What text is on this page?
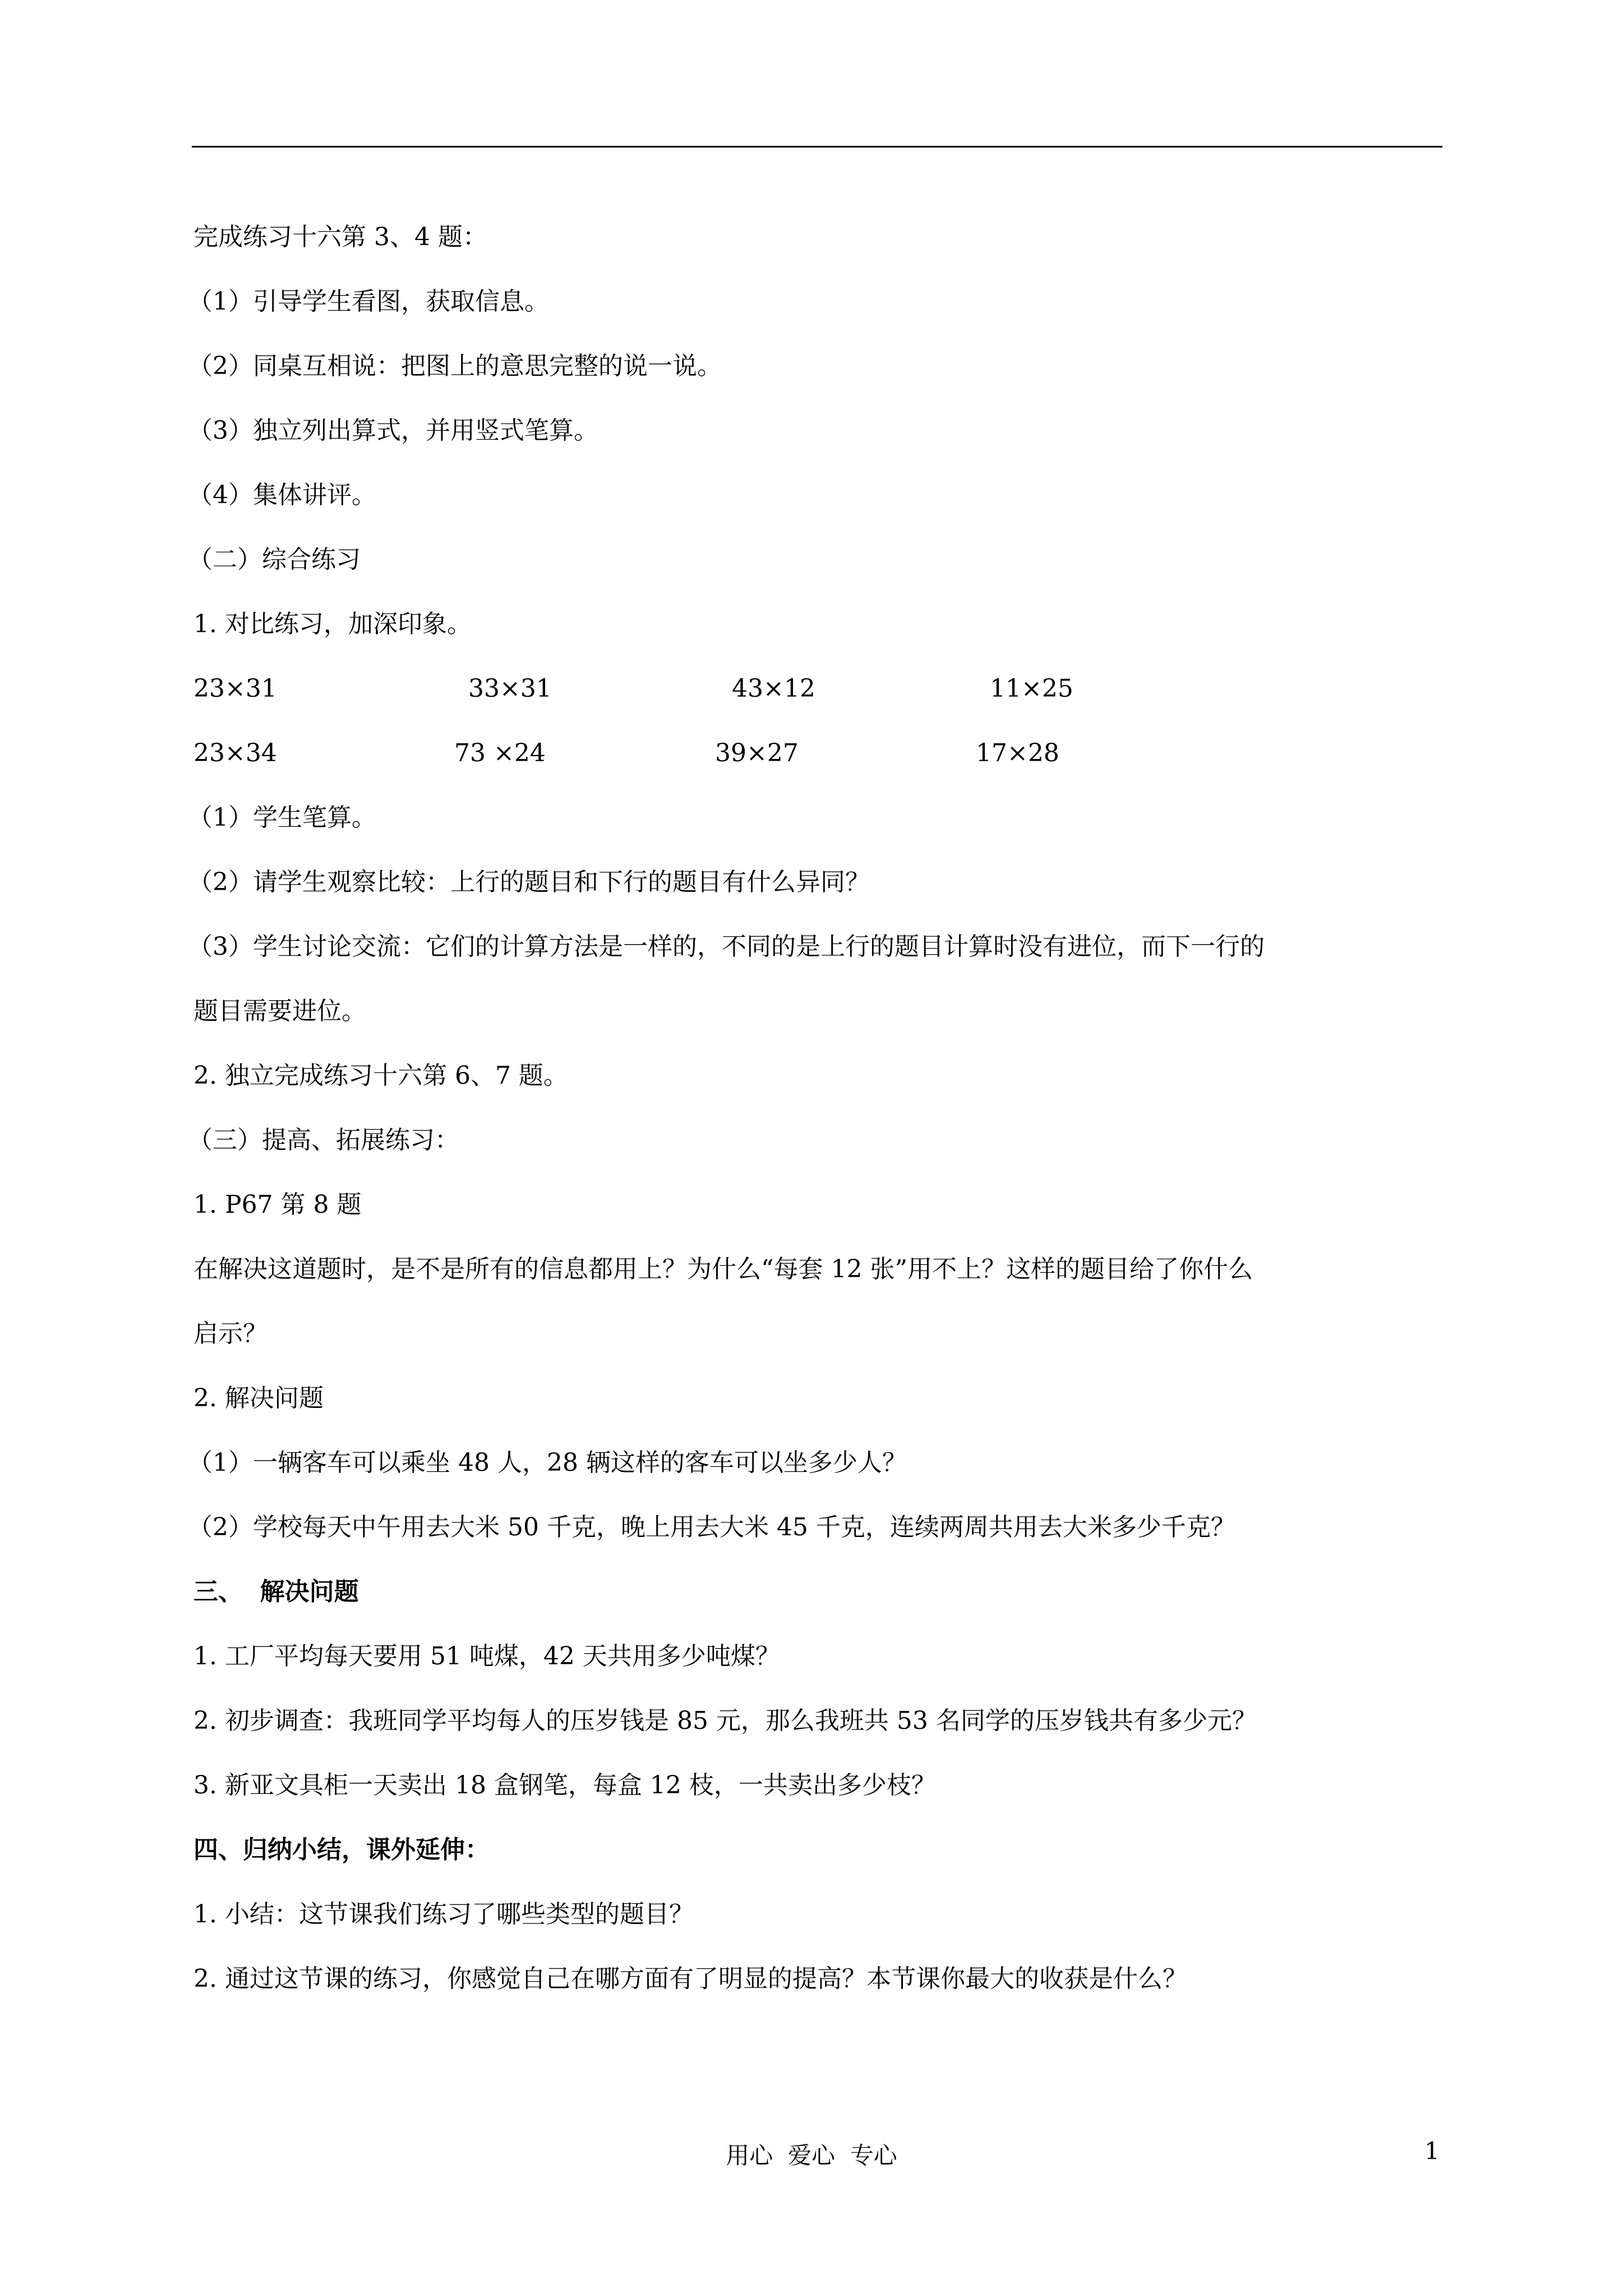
完成练习十六第 3、4 题：
（1）引导学生看图，获取信息。
（2）同桌互相说：把图上的意思完整的说一说。
（3）独立列出算式，并用竖式笔算。
（4）集体讲评。
（二）综合练习
1. 对比练习，加深印象。
23×31	33×31	43×12	11×25
23×34	73 ×24	39×27	17×28
（1）学生笔算。
（2）请学生观察比较：上行的题目和下行的题目有什么异同？
（3）学生讨论交流：它们的计算方法是一样的，不同的是上行的题目计算时没有进位，而下一行的
题目需要进位。
2. 独立完成练习十六第 6、7 题。
（三）提高、拓展练习：
1. P67 第 8 题
在解决这道题时，是不是所有的信息都用上？为什么“每套 12 张”用不上？这样的题目给了你什么
启示？
2. 解决问题
（1）一辆客车可以乘坐 48 人，28 辆这样的客车可以坐多少人？
（2）学校每天中午用去大米 50 千克，晚上用去大米 45 千克，连续两周共用去大米多少千克？
三、  解决问题
1. 工厂平均每天要用 51 吨煤，42 天共用多少吨煤？
2. 初步调查：我班同学平均每人的压岁钱是 85 元，那么我班共 53 名同学的压岁钱共有多少元？
3. 新亚文具柜一天卖出 18 盒钢笔，每盒 12 枝，一共卖出多少枝？
四、归纳小结，课外延伸：
1. 小结：这节课我们练习了哪些类型的题目？
2. 通过这节课的练习，你感觉自己在哪方面有了明显的提高？本节课你最大的收获是什么？
用心  爱心  专心	1
